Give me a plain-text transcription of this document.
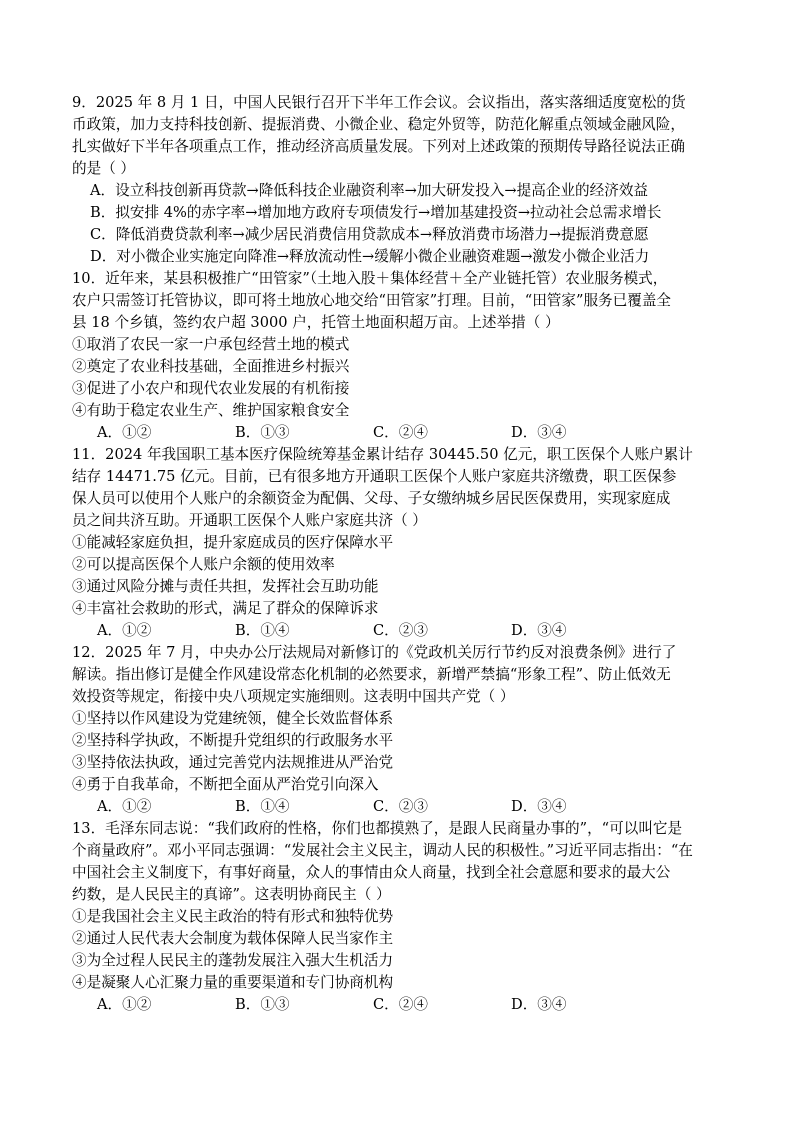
9．2025 年 8 月 1 日，中国人民银行召开下半年工作会议。会议指出，落实落细适度宽松的货
币政策，加力支持科技创新、提振消费、小微企业、稳定外贸等，防范化解重点领域金融风险，
扎实做好下半年各项重点工作，推动经济高质量发展。下列对上述政策的预期传导路径说法正确
的是（ ）
A．设立科技创新再贷款→降低科技企业融资利率→加大研发投入→提高企业的经济效益
B．拟安排 4%的赤字率→增加地方政府专项债发行→增加基建投资→拉动社会总需求增长
C．降低消费贷款利率→减少居民消费信用贷款成本→释放消费市场潜力→提振消费意愿
D．对小微企业实施定向降准→释放流动性→缓解小微企业融资难题→激发小微企业活力
10．近年来，某县积极推广“田管家”（土地入股＋集体经营＋全产业链托管）农业服务模式，
农户只需签订托管协议，即可将土地放心地交给“田管家”打理。目前，“田管家”服务已覆盖全
县 18 个乡镇，签约农户超 3000 户，托管土地面积超万亩。上述举措（ ）
①取消了农民一家一户承包经营土地的模式
②奠定了农业科技基础，全面推进乡村振兴
③促进了小农户和现代农业发展的有机衔接
④有助于稳定农业生产、维护国家粮食安全
A．①②	B．①③	C．②④	D．③④
11．2024 年我国职工基本医疗保险统筹基金累计结存 30445.50 亿元，职工医保个人账户累计
结存 14471.75 亿元。目前，已有很多地方开通职工医保个人账户家庭共济缴费，职工医保参
保人员可以使用个人账户的余额资金为配偶、父母、子女缴纳城乡居民医保费用，实现家庭成
员之间共济互助。开通职工医保个人账户家庭共济（ ）
①能减轻家庭负担，提升家庭成员的医疗保障水平
②可以提高医保个人账户余额的使用效率
③通过风险分摊与责任共担，发挥社会互助功能
④丰富社会救助的形式，满足了群众的保障诉求
A．①②	B．①④	C．②③	D．③④
12．2025 年 7 月，中央办公厅法规局对新修订的《党政机关厉行节约反对浪费条例》进行了
解读。指出修订是健全作风建设常态化机制的必然要求，新增严禁搞“形象工程”、防止低效无
效投资等规定，衔接中央八项规定实施细则。这表明中国共产党（ ）
①坚持以作风建设为党建统领，健全长效监督体系
②坚持科学执政，不断提升党组织的行政服务水平
③坚持依法执政，通过完善党内法规推进从严治党
④勇于自我革命，不断把全面从严治党引向深入
A．①②	B．①④	C．②③	D．③④
13．毛泽东同志说：“我们政府的性格，你们也都摸熟了，是跟人民商量办事的”，“可以叫它是
个商量政府”。邓小平同志强调：“发展社会主义民主，调动人民的积极性。”习近平同志指出：“在
中国社会主义制度下，有事好商量，众人的事情由众人商量，找到全社会意愿和要求的最大公
约数，是人民民主的真谛”。这表明协商民主（ ）
①是我国社会主义民主政治的特有形式和独特优势
②通过人民代表大会制度为载体保障人民当家作主
③为全过程人民民主的蓬勃发展注入强大生机活力
④是凝聚人心汇聚力量的重要渠道和专门协商机构
A．①②	B．①③	C．②④	D．③④
